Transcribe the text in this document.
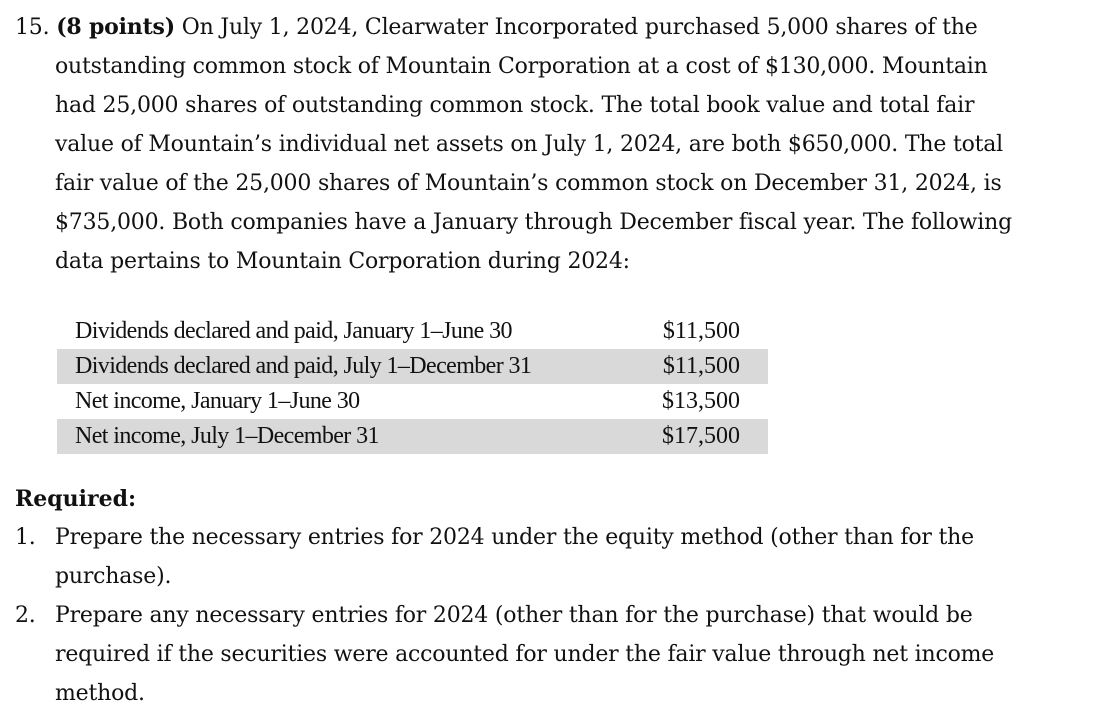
15. (8 points) On July 1, 2024, Clearwater Incorporated purchased 5,000 shares of the
outstanding common stock of Mountain Corporation at a cost of $130,000. Mountain
had 25,000 shares of outstanding common stock. The total book value and total fair
value of Mountain’s individual net assets on July 1, 2024, are both $650,000. The total
fair value of the 25,000 shares of Mountain’s common stock on December 31, 2024, is
$735,000. Both companies have a January through December fiscal year. The following
data pertains to Mountain Corporation during 2024:
Dividends declared and paid, January 1–June 30	$11,500
Dividends declared and paid, July 1–December 31	$11,500
Net income, January 1–June 30	$13,500
Net income, July 1–December 31	$17,500
Required:
1. Prepare the necessary entries for 2024 under the equity method (other than for the
purchase).
2. Prepare any necessary entries for 2024 (other than for the purchase) that would be
required if the securities were accounted for under the fair value through net income
method.
